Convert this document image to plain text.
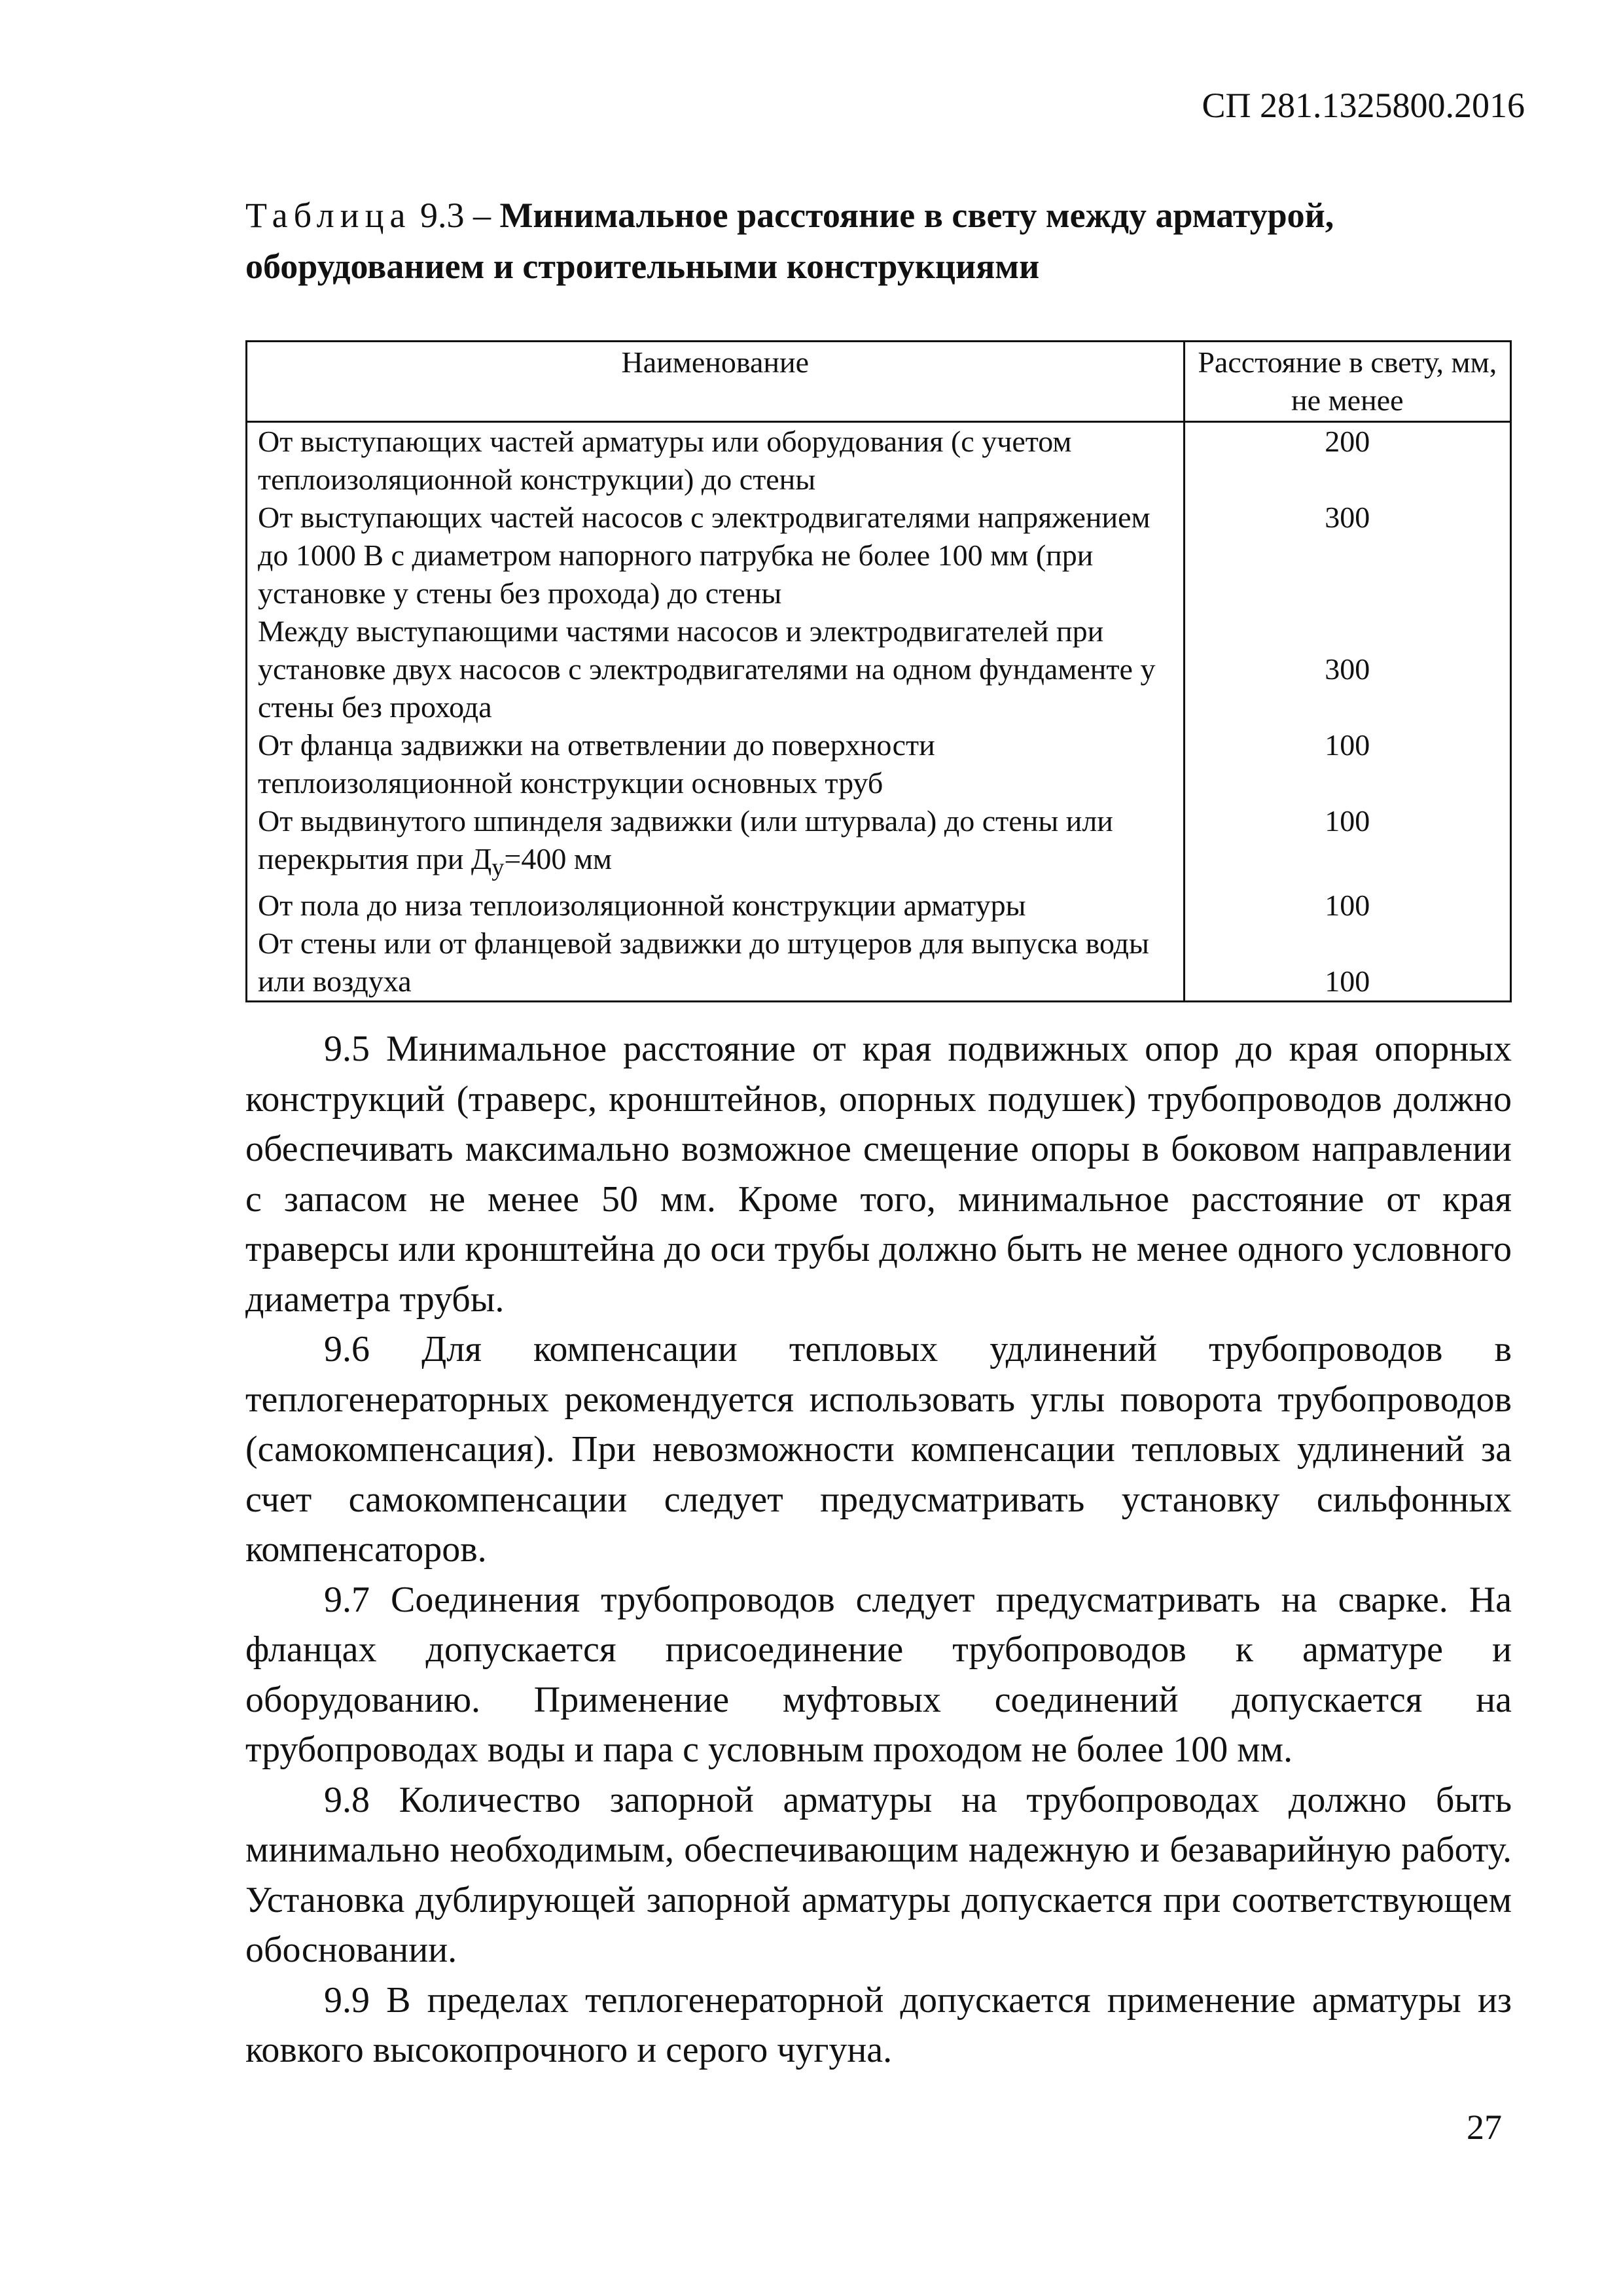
СП 281.1325800.2016
Таблица 9.3 – Минимальное расстояние в свету между арматурой, оборудованием и строительными конструкциями
Наименование	Расстояние в свету, мм, не менее
От выступающих частей арматуры или оборудования (с учетом теплоизоляционной конструкции) до стены	200
От выступающих частей насосов с электродвигателями напряжением до 1000 В с диаметром напорного патрубка не более 100 мм (при установке у стены без прохода) до стены	300
Между выступающими частями насосов и электродвигателей при установке двух насосов с электродвигателями на одном фундаменте у стены без прохода	300
От фланца задвижки на ответвлении до поверхности теплоизоляционной конструкции основных труб	100
От выдвинутого шпинделя задвижки (или штурвала) до стены или перекрытия при $Д_у=400$ мм	100
От пола до низа теплоизоляционной конструкции арматуры	100
От стены или от фланцевой задвижки до штуцеров для выпуска воды или воздуха	100

9.5 Минимальное расстояние от края подвижных опор до края опорных конструкций (траверс, кронштейнов, опорных подушек) трубопроводов должно обеспечивать максимально возможное смещение опоры в боковом направлении с запасом не менее 50 мм. Кроме того, минимальное расстояние от края траверсы или кронштейна до оси трубы должно быть не менее одного условного диаметра трубы.

9.6 Для компенсации тепловых удлинений трубопроводов в теплогенераторных рекомендуется использовать углы поворота трубопроводов (самокомпенсация). При невозможности компенсации тепловых удлинений за счет самокомпенсации следует предусматривать установку сильфонных компенсаторов.

9.7 Соединения трубопроводов следует предусматривать на сварке. На фланцах допускается присоединение трубопроводов к арматуре и оборудованию. Применение муфтовых соединений допускается на трубопроводах воды и пара с условным проходом не более 100 мм.

9.8 Количество запорной арматуры на трубопроводах должно быть минимально необходимым, обеспечивающим надежную и безаварийную работу. Установка дублирующей запорной арматуры допускается при соответствующем обосновании.

9.9 В пределах теплогенераторной допускается применение арматуры из ковкого высокопрочного и серого чугуна.

27
